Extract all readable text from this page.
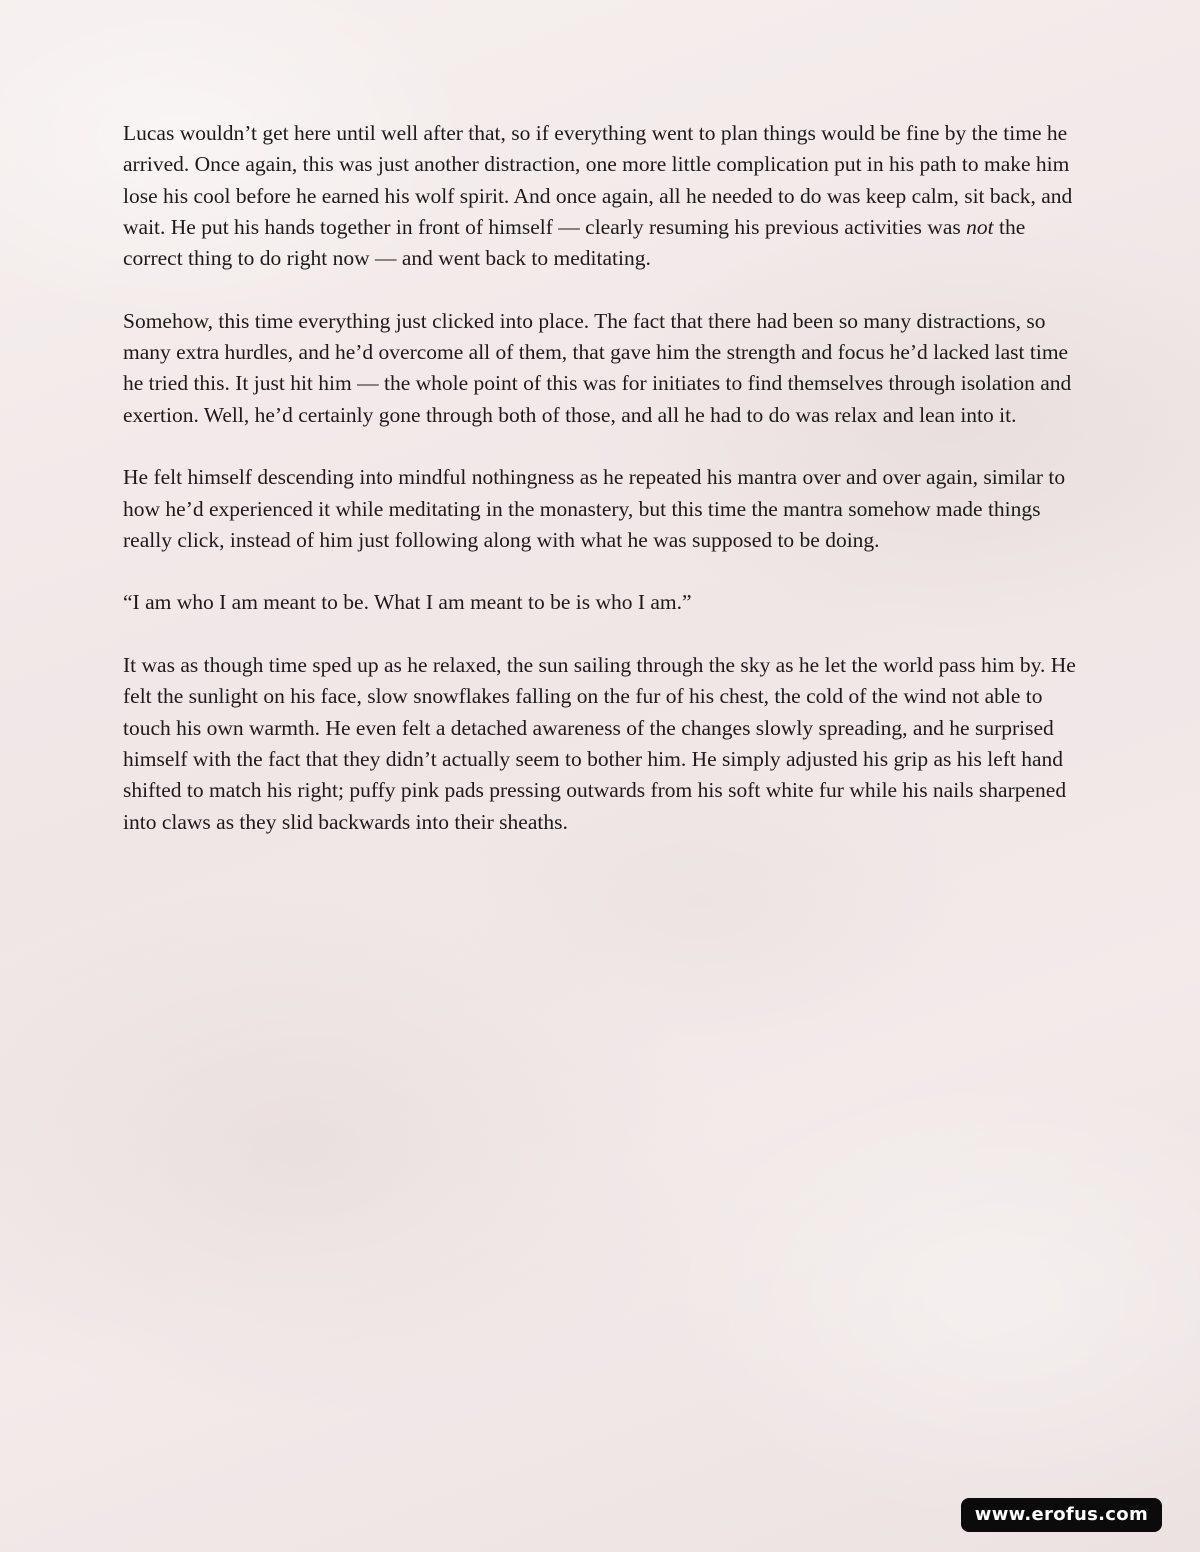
Lucas wouldn’t get here until well after that, so if everything went to plan things would be fine by the time he arrived. Once again, this was just another distraction, one more little complication put in his path to make him lose his cool before he earned his wolf spirit. And once again, all he needed to do was keep calm, sit back, and wait. He put his hands together in front of himself — clearly resuming his previous activities was not the correct thing to do right now — and went back to meditating.

Somehow, this time everything just clicked into place. The fact that there had been so many distractions, so many extra hurdles, and he’d overcome all of them, that gave him the strength and focus he’d lacked last time he tried this. It just hit him — the whole point of this was for initiates to find themselves through isolation and exertion. Well, he’d certainly gone through both of those, and all he had to do was relax and lean into it.

He felt himself descending into mindful nothingness as he repeated his mantra over and over again, similar to how he’d experienced it while meditating in the monastery, but this time the mantra somehow made things really click, instead of him just following along with what he was supposed to be doing.

“I am who I am meant to be. What I am meant to be is who I am.”

It was as though time sped up as he relaxed, the sun sailing through the sky as he let the world pass him by. He felt the sunlight on his face, slow snowflakes falling on the fur of his chest, the cold of the wind not able to touch his own warmth. He even felt a detached awareness of the changes slowly spreading, and he surprised himself with the fact that they didn’t actually seem to bother him. He simply adjusted his grip as his left hand shifted to match his right; puffy pink pads pressing outwards from his soft white fur while his nails sharpened into claws as they slid backwards into their sheaths.

www.erofus.com
